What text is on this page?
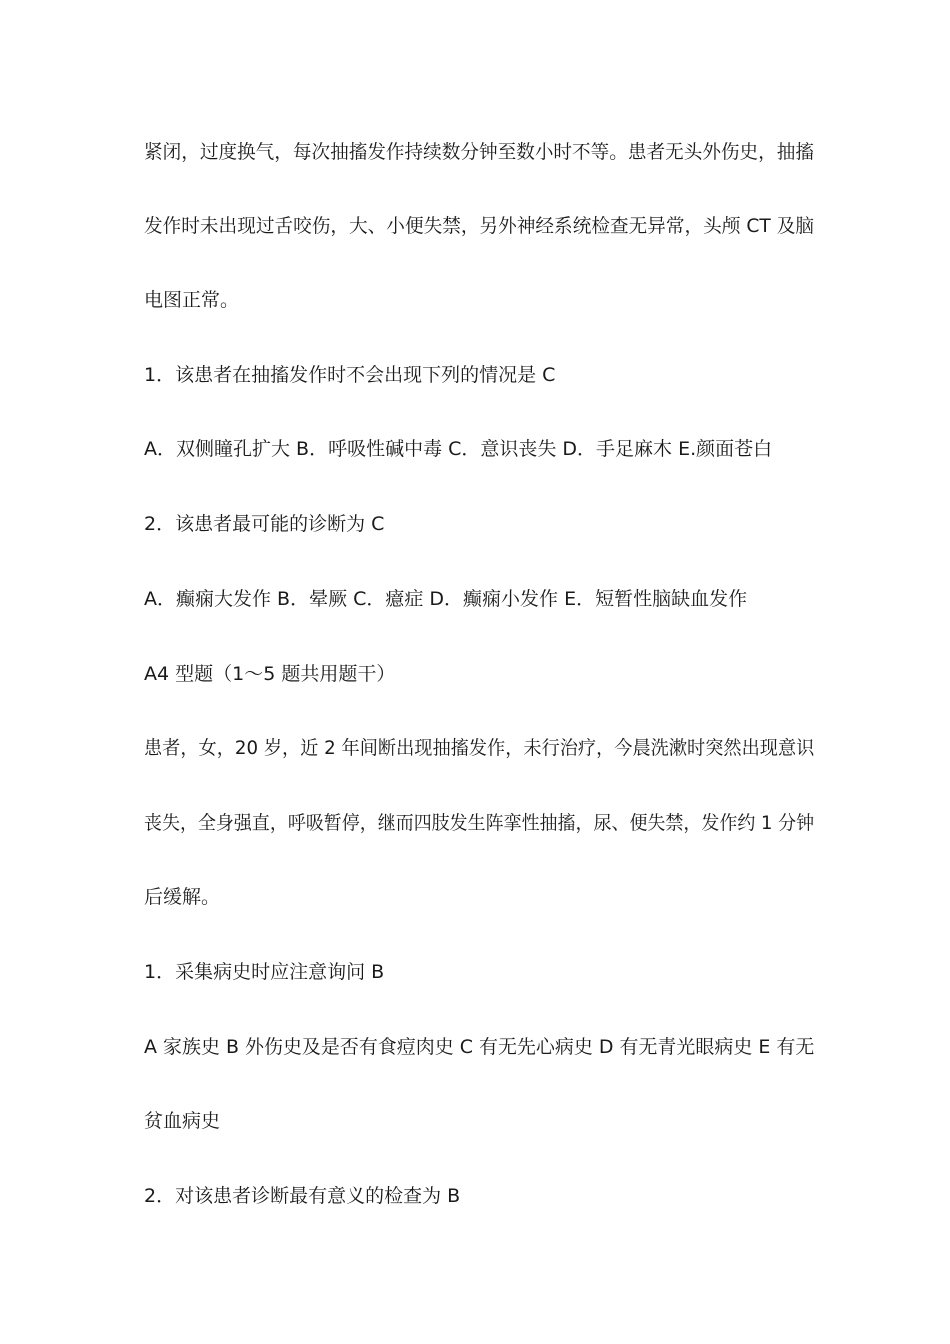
紧闭，过度换气，每次抽搐发作持续数分钟至数小时不等。患者无头外伤史，抽搐
发作时未出现过舌咬伤，大、小便失禁，另外神经系统检查无异常，头颅 CT 及脑
电图正常。
1．该患者在抽搐发作时不会出现下列的情况是 C
A．双侧瞳孔扩大 B．呼吸性碱中毒 C．意识丧失 D．手足麻木 E.颜面苍白
2．该患者最可能的诊断为 C
A．癫痫大发作 B．晕厥 C．癔症 D．癫痫小发作 E．短暂性脑缺血发作
A4 型题（1～5 题共用题干）
患者，女，20 岁，近 2 年间断出现抽搐发作，未行治疗，今晨洗漱时突然出现意识
丧失，全身强直，呼吸暂停，继而四肢发生阵挛性抽搐，尿、便失禁，发作约 1 分钟
后缓解。
1．采集病史时应注意询问 B
A 家族史 B 外伤史及是否有食痘肉史 C 有无先心病史 D 有无青光眼病史 E 有无
贫血病史
2．对该患者诊断最有意义的检查为 B
